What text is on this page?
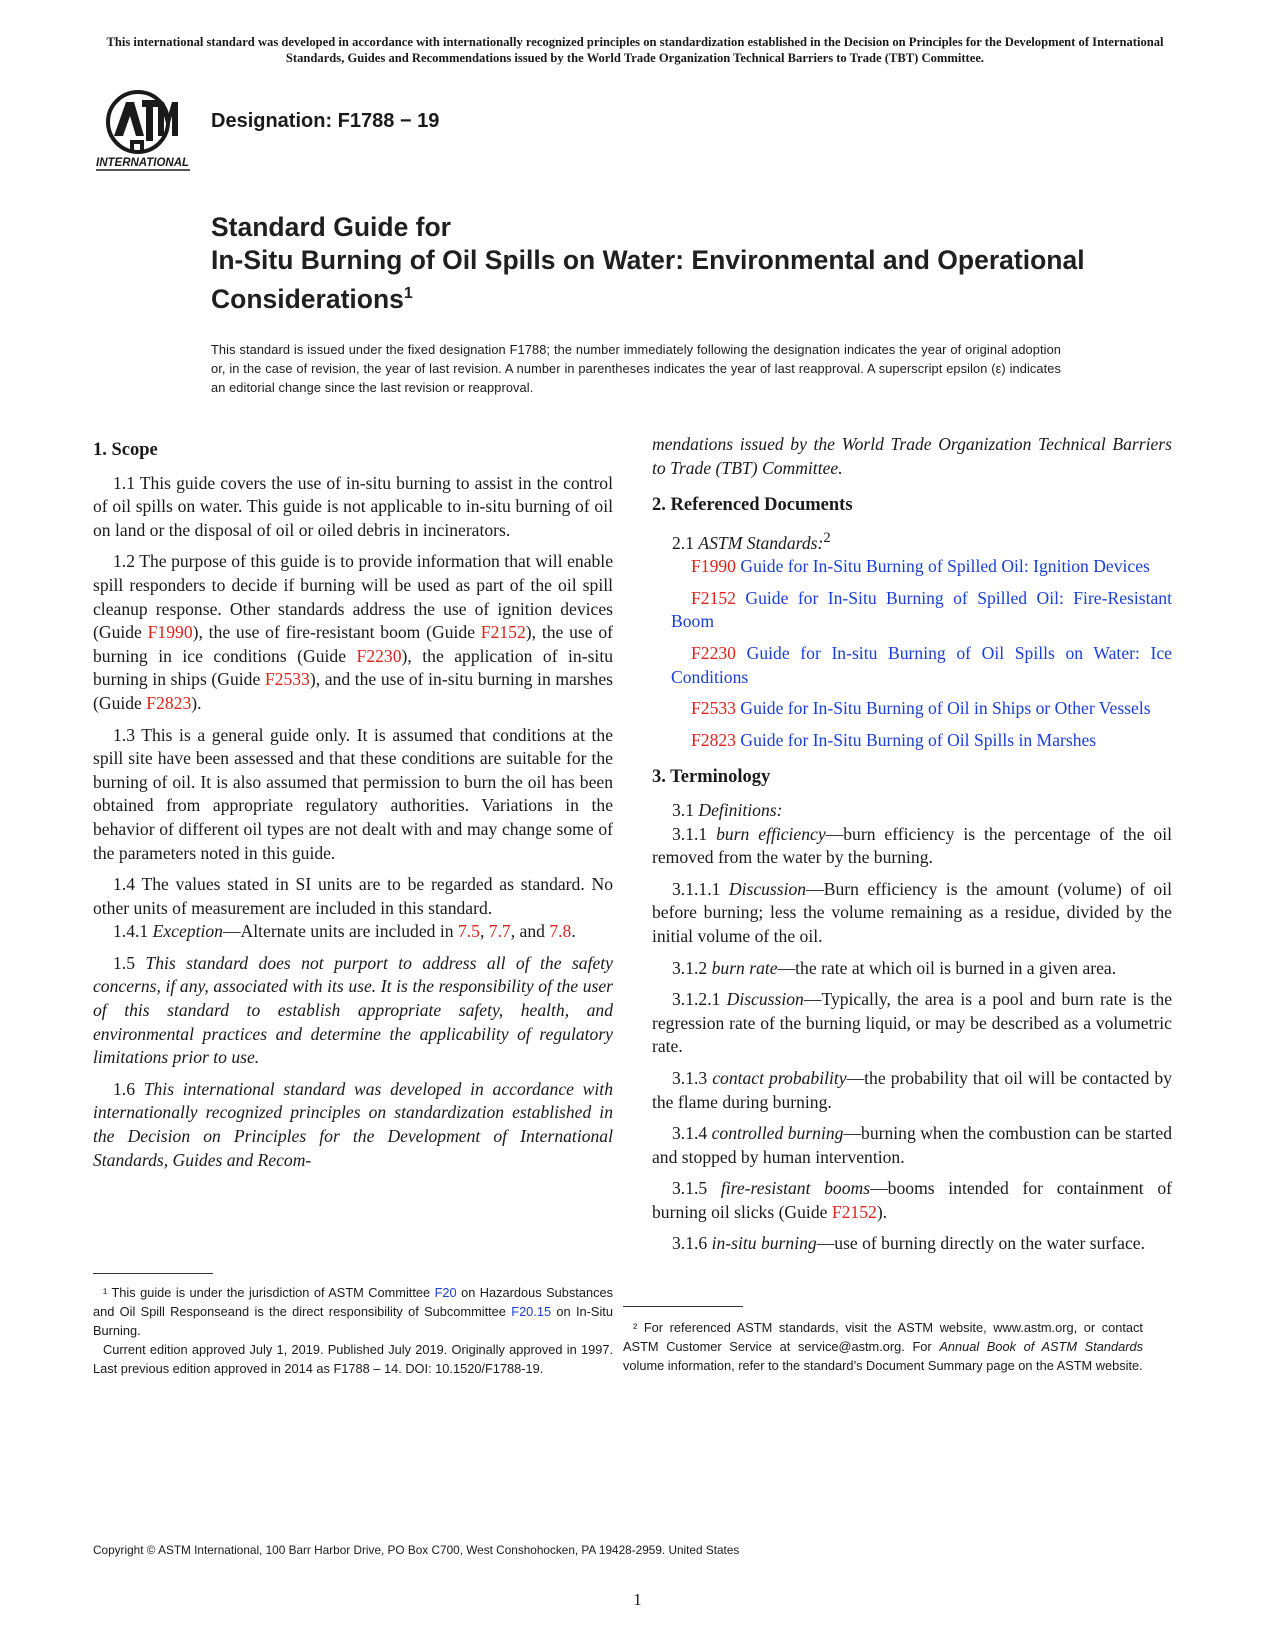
This international standard was developed in accordance with internationally recognized principles on standardization established in the Decision on Principles for the Development of International Standards, Guides and Recommendations issued by the World Trade Organization Technical Barriers to Trade (TBT) Committee.
INTERNATIONAL
Designation: F1788 − 19
Standard Guide for
In-Situ Burning of Oil Spills on Water: Environmental and Operational Considerations$^1$
This standard is issued under the fixed designation F1788; the number immediately following the designation indicates the year of original adoption or, in the case of revision, the year of last revision. A number in parentheses indicates the year of last reapproval. A superscript epsilon (ε) indicates an editorial change since the last revision or reapproval.
1. Scope

1.1 This guide covers the use of in-situ burning to assist in the control of oil spills on water. This guide is not applicable to in-situ burning of oil on land or the disposal of oil or oiled debris in incinerators.

1.2 The purpose of this guide is to provide information that will enable spill responders to decide if burning will be used as part of the oil spill cleanup response. Other standards address the use of ignition devices (Guide F1990), the use of fire-resistant boom (Guide F2152), the use of burning in ice conditions (Guide F2230), the application of in-situ burning in ships (Guide F2533), and the use of in-situ burning in marshes (Guide F2823).

1.3 This is a general guide only. It is assumed that conditions at the spill site have been assessed and that these conditions are suitable for the burning of oil. It is also assumed that permission to burn the oil has been obtained from appropriate regulatory authorities. Variations in the behavior of different oil types are not dealt with and may change some of the parameters noted in this guide.

1.4 The values stated in SI units are to be regarded as standard. No other units of measurement are included in this standard.

1.4.1 Exception—Alternate units are included in 7.5, 7.7, and 7.8.

1.5 This standard does not purport to address all of the safety concerns, if any, associated with its use. It is the responsibility of the user of this standard to establish appropriate safety, health, and environmental practices and determine the applicability of regulatory limitations prior to use.

1.6 This international standard was developed in accordance with internationally recognized principles on standardization established in the Decision on Principles for the Development of International Standards, Guides and Recom-

mendations issued by the World Trade Organization Technical Barriers to Trade (TBT) Committee.

2. Referenced Documents

2.1 ASTM Standards:$^2$

F1990 Guide for In-Situ Burning of Spilled Oil: Ignition Devices

F2152 Guide for In-Situ Burning of Spilled Oil: Fire-Resistant Boom

F2230 Guide for In-situ Burning of Oil Spills on Water: Ice Conditions

F2533 Guide for In-Situ Burning of Oil in Ships or Other Vessels

F2823 Guide for In-Situ Burning of Oil Spills in Marshes

3. Terminology

3.1 Definitions:

3.1.1 burn efficiency—burn efficiency is the percentage of the oil removed from the water by the burning.

3.1.1.1 Discussion—Burn efficiency is the amount (volume) of oil before burning; less the volume remaining as a residue, divided by the initial volume of the oil.

3.1.2 burn rate—the rate at which oil is burned in a given area.

3.1.2.1 Discussion—Typically, the area is a pool and burn rate is the regression rate of the burning liquid, or may be described as a volumetric rate.

3.1.3 contact probability—the probability that oil will be contacted by the flame during burning.

3.1.4 controlled burning—burning when the combustion can be started and stopped by human intervention.

3.1.5 fire-resistant booms—booms intended for containment of burning oil slicks (Guide F2152).

3.1.6 in-situ burning—use of burning directly on the water surface.

¹ This guide is under the jurisdiction of ASTM Committee F20 on Hazardous Substances and Oil Spill Responseand is the direct responsibility of Subcommittee F20.15 on In-Situ Burning.

Current edition approved July 1, 2019. Published July 2019. Originally approved in 1997. Last previous edition approved in 2014 as F1788 – 14. DOI: 10.1520/F1788-19.

² For referenced ASTM standards, visit the ASTM website, www.astm.org, or contact ASTM Customer Service at service@astm.org. For Annual Book of ASTM Standards volume information, refer to the standard’s Document Summary page on the ASTM website.

Copyright © ASTM International, 100 Barr Harbor Drive, PO Box C700, West Conshohocken, PA 19428-2959. United States
1
